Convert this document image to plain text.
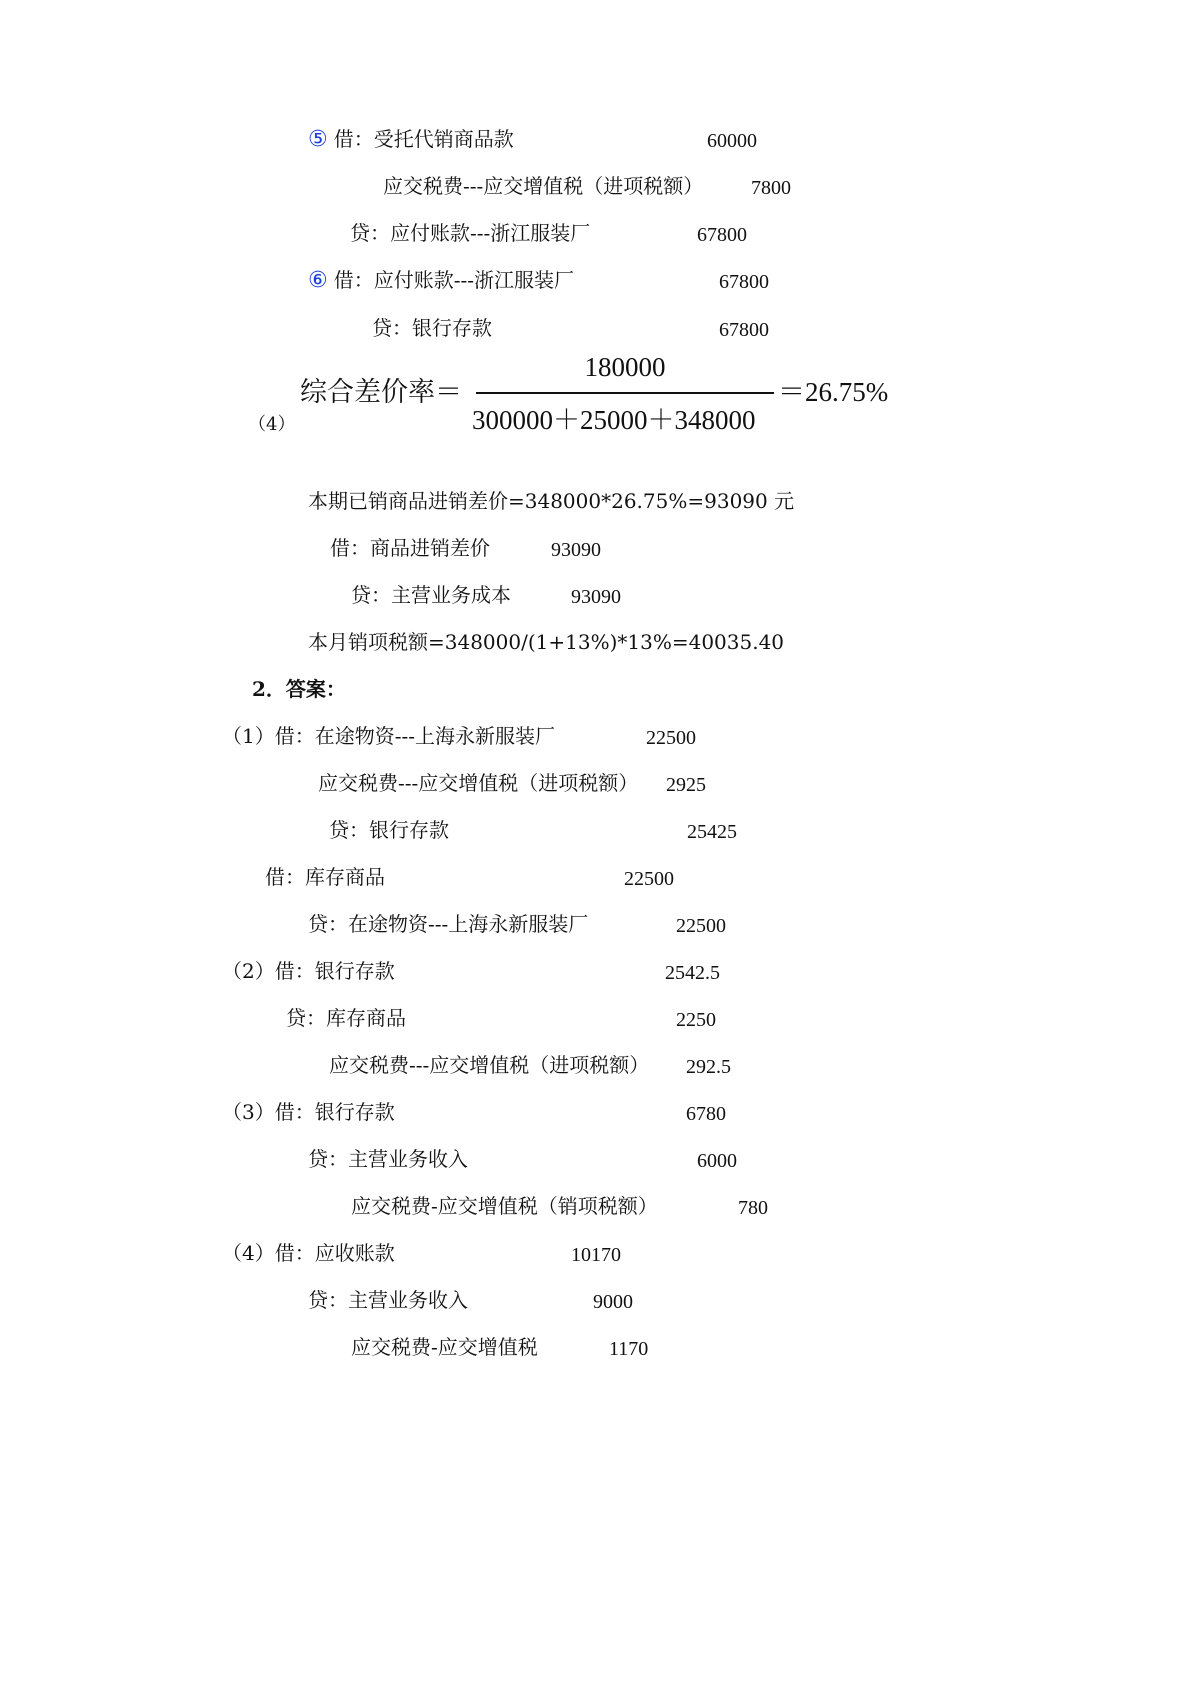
⑤ 借：受托代销商品款	60000
应交税费---应交增值税（进项税额） 7800
贷：应付账款---浙江服装厂	67800
⑥ 借：应付账款---浙江服装厂	67800
贷：银行存款	67800
（4）
综合差价率＝
180000
300000＋25000＋348000
＝26.75%
本期已销商品进销差价=348000*26.75%=93090 元
借：商品进销差价	93090
贷：主营业务成本	93090
本月销项税额=348000/(1+13%)*13%=40035.40
2．答案：
（1）借：在途物资---上海永新服装厂	22500
应交税费---应交增值税（进项税额） 2925
贷：银行存款	25425
借：库存商品	22500
贷：在途物资---上海永新服装厂	22500
（2）借：银行存款	2542.5
贷：库存商品	2250
应交税费---应交增值税（进项税额） 292.5
（3）借：银行存款	6780
贷：主营业务收入	6000
应交税费-应交增值税（销项税额）	780
（4）借：应收账款	10170
贷：主营业务收入	9000
应交税费-应交增值税	1170
